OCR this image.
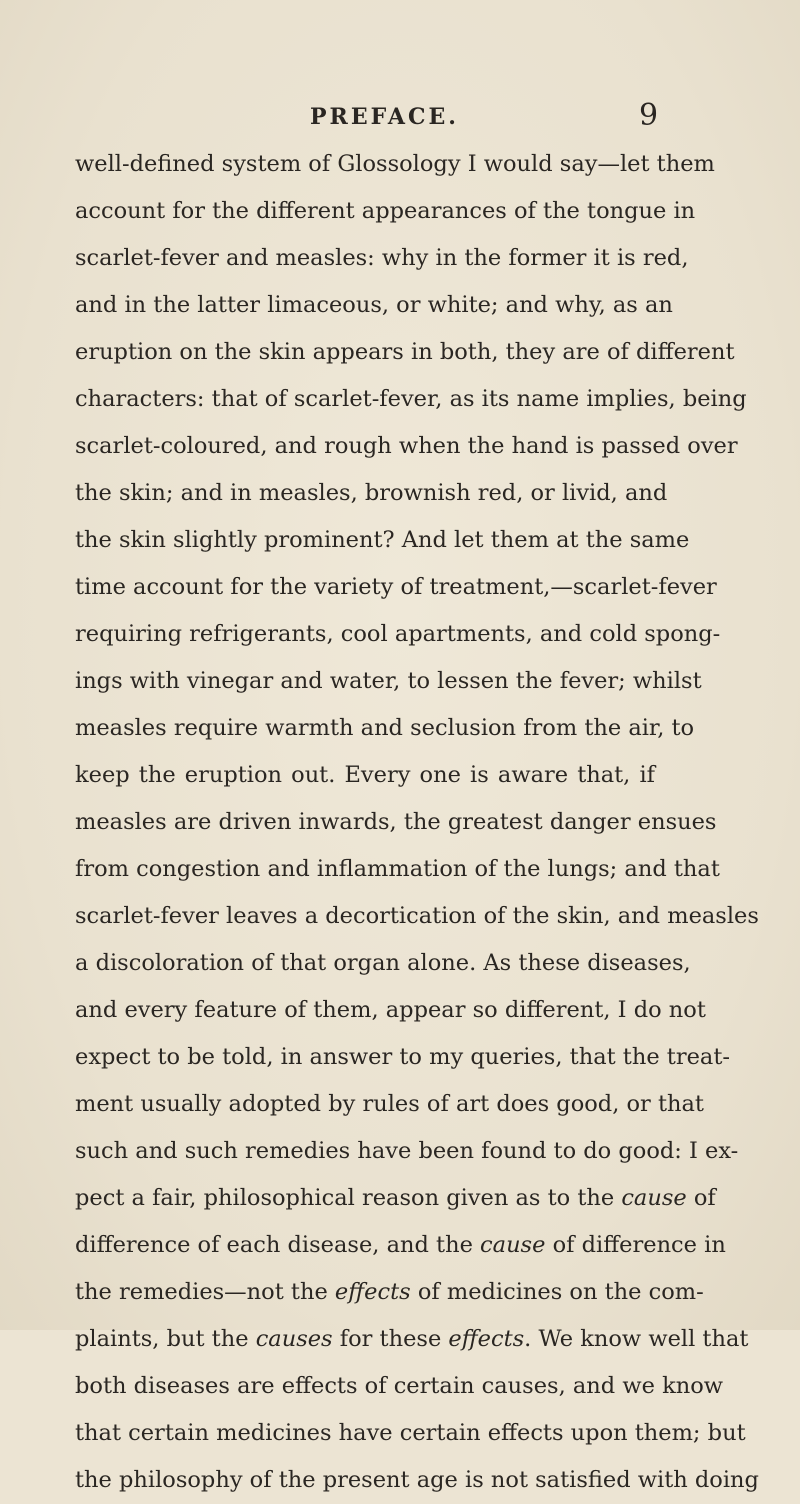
PREFACE.	9
well-defined system of Glossology I would say—let them
account for the different appearances of the tongue in
scarlet-fever and measles: why in the former it is red,
and in the latter limaceous, or white; and why, as an
eruption on the skin appears in both, they are of different
characters: that of scarlet-fever, as its name implies, being
scarlet-coloured, and rough when the hand is passed over
the skin; and in measles, brownish red, or livid, and
the skin slightly prominent? And let them at the same
time account for the variety of treatment,—scarlet-fever
requiring refrigerants, cool apartments, and cold spong-
ings with vinegar and water, to lessen the fever; whilst
measles require warmth and seclusion from the air, to
keep the eruption out. Every one is aware that, if
measles are driven inwards, the greatest danger ensues
from congestion and inflammation of the lungs; and that
scarlet-fever leaves a decortication of the skin, and measles
a discoloration of that organ alone. As these diseases,
and every feature of them, appear so different, I do not
expect to be told, in answer to my queries, that the treat-
ment usually adopted by rules of art does good, or that
such and such remedies have been found to do good: I ex-
pect a fair, philosophical reason given as to the cause of
difference of each disease, and the cause of difference in
the remedies—not the effects of medicines on the com-
plaints, but the causes for these effects. We know well that
both diseases are effects of certain causes, and we know
that certain medicines have certain effects upon them; but
the philosophy of the present age is not satisfied with doing
